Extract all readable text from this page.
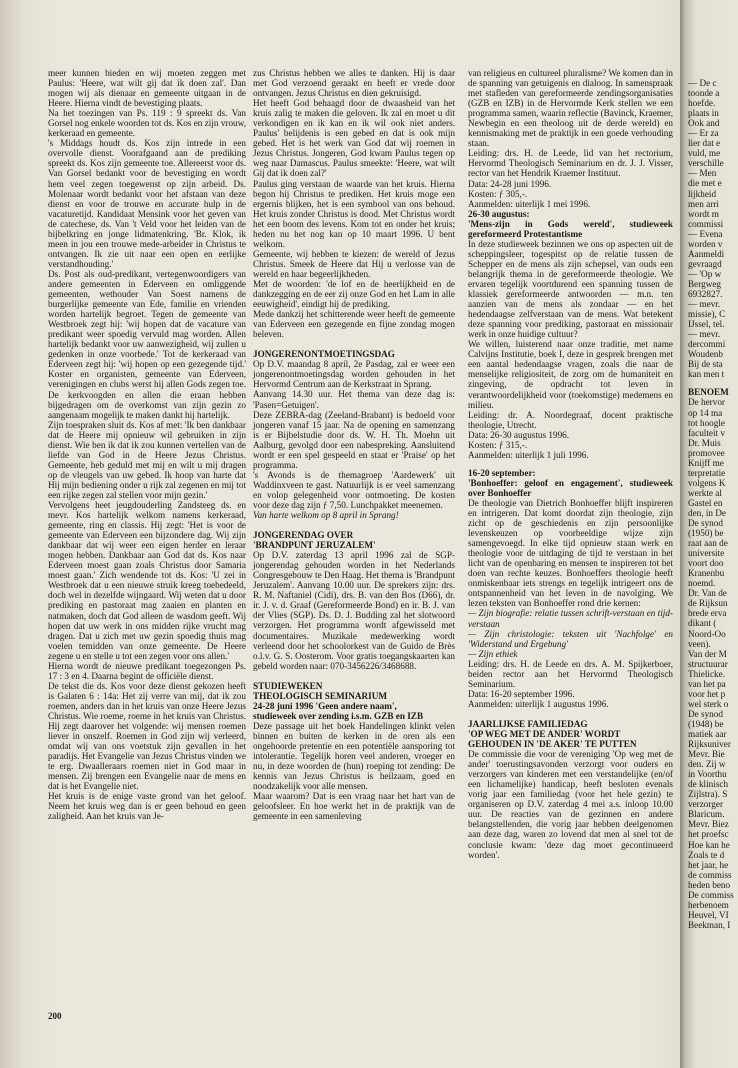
meer kunnen bieden en wij moeten zeggen met Paulus: 'Heere, wat wilt gij dat ik doen zal'. Dan mogen wij als dienaar en gemeente uitgaan in de Heere. Hierna vindt de bevestiging plaats.

Na het toezingen van Ps. 119 : 9 spreekt ds. Van Gorsel nog enkele woorden tot ds. Kos en zijn vrouw, kerkeraad en gemeente.

's Middags houdt ds. Kos zijn intrede in een overvolle dienst. Voorafgaand aan de prediking spreekt ds. Kos zijn gemeente toe. Allereerst voor ds. Van Gorsel bedankt voor de bevestiging en wordt hem veel zegen toegewenst op zijn arbeid. Ds. Molenaar wordt bedankt voor het afstaan van deze dienst en voor de trouwe en accurate hulp in de vacaturetijd. Kandidaat Mensink voor het geven van de catechese, ds. Van 't Veld voor het leiden van de bijbelkring en jonge lidmatenkring. 'Br. Klok, ik meen in jou een trouwe mede-arbeider in Christus te ontvangen. Ik zie uit naar een open en eerlijke verstandhouding.'

Ds. Post als oud-predikant, vertegenwoordigers van andere gemeenten in Ederveen en omliggende gemeenten, wethouder Van Soest namens de burgerlijke gemeente van Ede, familie en vrienden worden hartelijk begroet. Tegen de gemeente van Westbroek zegt hij: 'wij hopen dat de vacature van predikant weer spoedig vervuld mag worden. Allen hartelijk bedankt voor uw aanwezigheid, wij zullen u gedenken in onze voorbede.' Tot de kerkeraad van Ederveen zegt hij: 'wij hopen op een gezegende tijd.' Koster en organisten, gemeente van Ederveen, verenigingen en clubs werst hij allen Gods zegen toe. De kerkvoogden en allen die eraan hebben bijgedragen om de overkomst van zijn gezin zo aangenaam mogelijk te maken dankt hij hartelijk.

Zijn toespraken sluit ds. Kos af met: 'Ik ben dankbaar dat de Heere mij opnieuw wil gebruiken in zijn dienst. Wie ben ik dat ik zou kunnen vertellen van de liefde van God in de Heere Jezus Christus. Gemeente, heb geduld met mij en wilt u mij dragen op de vleugels van uw gebed. Ik hoop van harte dat Hij mijn bediening onder u rijk zal zegenen en mij tot een rijke zegen zal stellen voor mijn gezin.'

Vervolgens heet jeugdouderling Zandsteeg ds. en mevr. Kos hartelijk welkom namens kerkeraad, gemeente, ring en classis. Hij zegt: 'Het is voor de gemeente van Ederveen een bijzondere dag. Wij zijn dankbaar dat wij weer een eigen herder en leraar mogen hebben. Dankbaar aan God dat ds. Kos naar Ederveen moest gaan zoals Christus door Samaria moest gaan.' Zich wendende tot ds. Kos: 'U zei in Westbroek dat u een nieuwe struik kreeg toebedeeld, doch wel in dezelfde wijngaard. Wij weten dat u door prediking en pastoraat mag zaaien en planten en natmaken, doch dat God alleen de wasdom geeft. Wij hopen dat uw werk in ons midden rijke vrucht mag dragen. Dat u zich met uw gezin spoedig thuis mag voelen temidden van onze gemeente. De Heere zegene u en stelle u tot een zegen voor ons allen.'

Hierna wordt de nieuwe predikant toegezongen Ps. 17 : 3 en 4. Daarna begint de officiële dienst.

De tekst die ds. Kos voor deze dienst gekozen heeft is Galaten 6 : 14a: Het zij verre van mij, dat ik zou roemen, anders dan in het kruis van onze Heere Jezus Christus. Wie roeme, roeme in het kruis van Christus. Hij zegt daarover het volgende: wij mensen roemen liever in onszelf. Roemen in God zijn wij verleerd, omdat wij van ons voetstuk zijn gevallen in het paradijs. Het Evangelie van Jezus Christus vinden we te erg. Dwaalleraars roemen niet in God maar in mensen. Zij brengen een Evangelie naar de mens en dat is het Evangelie niet.

Het kruis is de enige vaste grond van het geloof. Neem het kruis weg dan is er geen behoud en geen zaligheid. Aan het kruis van Je-

zus Christus hebben we alles te danken. Hij is daar met God verzoend geraakt en heeft er vrede door ontvangen. Jezus Christus en dien gekruisigd.

Het heeft God behaagd door de dwaasheid van het kruis zalig te maken die geloven. Ik zal en moet u dit verkondigen en ik kan en ik wil ook niet anders. Paulus' belijdenis is een gebed en dat is ook mijn gebed. Het is het werk van God dat wij roemen in Jezus Christus. Jongeren, God kwam Paulus tegen op weg naar Damascus. Paulus smeekte: 'Heere, wat wilt Gij dat ik doen zal?'

Paulus ging verstaan de waarde van het kruis. Hierna begon hij Christus te prediken. Het kruis moge een ergernis blijken, het is een symbool van ons behoud. Het kruis zonder Christus is dood. Met Christus wordt het een boom des levens. Kom tot en onder het kruis; heden nu het nog kan op 10 maart 1996. U bent welkom.

Gemeente, wij hebben te kiezen: de wereld of Jezus Christus. Smeek de Heere dat Hij u verlosse van de wereld en haar begeerlijkheden.

Met de woorden: 'de lof en de heerlijkheid en de dankzegging en de eer zij onze God en het Lam in alle eeuwigheid', eindigt hij de prediking.

Mede dankzij het schitterende weer heeft de gemeente van Ederveen een gezegende en fijne zondag mogen beleven.

JONGERENONTMOETINGSDAG

Op D.V. maandag 8 april, 2e Pasdag, zal er weer een jongerenontmoetingsdag worden gehouden in het Hervormd Centrum aan de Kerkstraat in Sprang.

Aanvang 14.30 uur. Het thema van deze dag is: 'Pasen=Getuigen'.

Deze ZEBRA-dag (Zeeland-Brabant) is bedoeld voor jongeren vanaf 15 jaar. Na de opening en samenzang is er Bijbelstudie door ds. W. H. Th. Moehn uit Aalburg, gevolgd door een nabespreking. Aansluitend wordt er een spel gespeeld en staat er 'Praise' op het programma.

's Avonds is de themagroep 'Aardewerk' uit Waddinxveen te gast. Natuurlijk is er veel samenzang en volop gelegenheid voor ontmoeting. De kosten voor deze dag zijn ƒ 7,50. Lunchpakket meenemen.

Van harte welkom op 8 april in Sprang!

JONGERENDAG OVER

'BRANDPUNT JERUZALEM'

Op D.V. zaterdag 13 april 1996 zal de SGP-jongerendag gehouden worden in het Nederlands Congresgebouw te Den Haag. Het thema is 'Brandpunt Jeruzalem'. Aanvang 10.00 uur. De sprekers zijn: drs. R. M. Naftaniel (Cidi), drs. B. van den Bos (D66), dr. ir. J. v. d. Graaf (Gereformeerde Bond) en ir. B. J. van der Vlies (SGP). Ds. D. J. Budding zal het slotwoord verzorgen. Het programma wordt afgewisseld met documentaires. Muzikale medewerking wordt verleend door het schoolorkest van de Guido de Brès o.l.v. G. S. Oosterom. Voor gratis toegangskaarten kan gebeld worden naar: 070-3456226/3468688.

STUDIEWEKEN

THEOLOGISCH SEMINARIUM

24-28 juni 1996 'Geen andere naam',

studieweek over zending i.s.m. GZB en IZB

Deze passage uit het boek Handelingen klinkt velen binnen en buiten de kerken in de oren als een ongehoorde pretentie en een potentiële aansporing tot intolerantie. Tegelijk horen veel anderen, vroeger en nu, in deze woorden de (hun) roeping tot zending: De kennis van Jezus Christus is heilzaam, goed en noodzakelijk voor alle mensen.

Maar waarom? Dat is een vraag naar het hart van de geloofsleer. En hoe werkt het in de praktijk van de gemeente in een samenleving

van religieus en cultureel pluralisme? We komen dan in de spanning van getuigenis en dialoog. In samenspraak met stafleden van gereformeerde zendingsorganisaties (GZB en IZB) in de Hervormde Kerk stellen we een programma samen, waarin reflectie (Bavinck, Kraemer, Newbegin en een theoloog uit de derde wereld) en kennismaking met de praktijk in een goede verhouding staan.

Leiding: drs. H. de Leede, lid van het rectorium, Hervormd Theologisch Seminarium en dr. J. J. Visser, rector van het Hendrik Kraemer Instituut.

Data: 24-28 juni 1996.

Kosten: ƒ 305,-.

Aanmelden: uiterlijk 1 mei 1996.

26-30 augustus:

'Mens-zijn in Gods wereld', studieweek gereformeerd Protestantisme

In deze studieweek bezinnen we ons op aspecten uit de scheppingsleer, togespitst op de relatie tussen de Schepper en de mens als zijn schepsel, van ouds een belangrijk thema in de gereformeerde theologie. We ervaren tegelijk voortdurend een spanning tussen de klassiek gereformeerde antwoorden — m.n. ten aanzien van de mens als zondaar — en het hedendaagse zelfverstaan van de mens. Wat betekent deze spanning voor prediking, pastoraat en missionair werk in onze huidige cultuur?

We willen, luisterend naar onze traditie, met name Calvijns Institutie, boek I, deze in gesprek brengen met een aantal hedendaagse vragen, zoals die naar de menselijke religiositeit, de zorg om de humaniteit en zingeving, de opdracht tot leven in verantwoordelijkheid voor (toekomstige) medemens en milieu.

Leiding: dr. A. Noordegraaf, docent praktische theologie, Utrecht.

Data: 26-30 augustus 1996.

Kosten: ƒ 315,-.

Aanmelden: uiterlijk 1 juli 1996.

16-20 september:

'Bonhoeffer: geloof en engagement', studieweek over Bonhoeffer

De theologie van Dietrich Bonhoeffer blijft inspireren en intrigeren. Dat komt doordat zijn theologie, zijn zicht op de geschiedenis en zijn persoonlijke levenskeuzen op voorbeeldige wijze zijn samengevoegd. In elke tijd opnieuw staan werk en theologie voor de uitdaging de tijd te verstaan in het licht van de openbaring en mensen te inspireren tot het doen van rechte keuzes. Bonhoeffers theologie heeft onmiskenbaar iets strengs en tegelijk intrigeert ons de ontspannenheid van het leven in de navolging. We lezen teksten van Bonhoeffer rond drie kernen:

— Zijn biografie: relatie tussen schrift-verstaan en tijd-verstaan

— Zijn christologie: teksten uit 'Nachfolge' en 'Widerstand und Ergebung'

— Zijn ethiek

Leiding: drs. H. de Leede en drs. A. M. Spijkerboer, beiden rector aan het Hervormd Theologisch Seminarium.

Data: 16-20 september 1996.

Aanmelden: uiterlijk 1 augustus 1996.

JAARLIJKSE FAMILIEDAG

'OP WEG MET DE ANDER' WORDT

GEHOUDEN IN 'DE AKER' TE PUTTEN

De commissie die voor de vereniging 'Op weg met de ander' toerustingsavonden verzorgt voor ouders en verzorgers van kinderen met een verstandelijke (en/of een lichamelijke) handicap, heeft besloten evenals vorig jaar een familiedag (voor het hele gezin) te organiseren op D.V. zaterdag 4 mei a.s. inloop 10.00 uur. De reacties van de gezinnen en andere belangstellenden, die vorig jaar hebben deelgenomen aan deze dag, waren zo lovend dat men al snel tot de conclusie kwam: 'deze dag moet gecontinueerd worden'.

200

— De c

toonde a

hoefde.

plaats in

Ook and

— Er za

lier dat e

vuld, me

verschille

— Men

die met e

lijkheid

men arri

wordt m

commissi

— Evena

worden v

Aanmeldi

gevraagd

— 'Op w

Bergweg

6932827.

— mevr.

missie), C

IJssel, tel.

— mevr.

dercommi

Woudenb

Bij de sta

kan men t

BENOEM

De hervor

op 14 ma

tot hoogle

faculteit v

Dr. Muis

promovee

Knijff me

terpretatie

volgens K

werkte al

Gastel en

den, in De

De synod

(1950) be

raat aan de

universite

voort doo

Kranenbu

noemd.

Dr. Van de

de Rijksun

brede erva

dikant (

Noord-Oo

veen).

Van der M

structuurar

Thielicke.

van het pa

voor het p

wel sterk o

De synod

(1948) be

matiek aar

Rijksuniver

Mevr. Bie

den. Zij w

in Voorthu

de klinisch

Zijlstra). S

verzorger

Blaricum.

Mevr. Biez

het proefsc

Hoe kan he

Zoals te d

het jaar, he

de commiss

heden beno

De commiss

herbenoem

Heuvel, VI

Beekman, I
